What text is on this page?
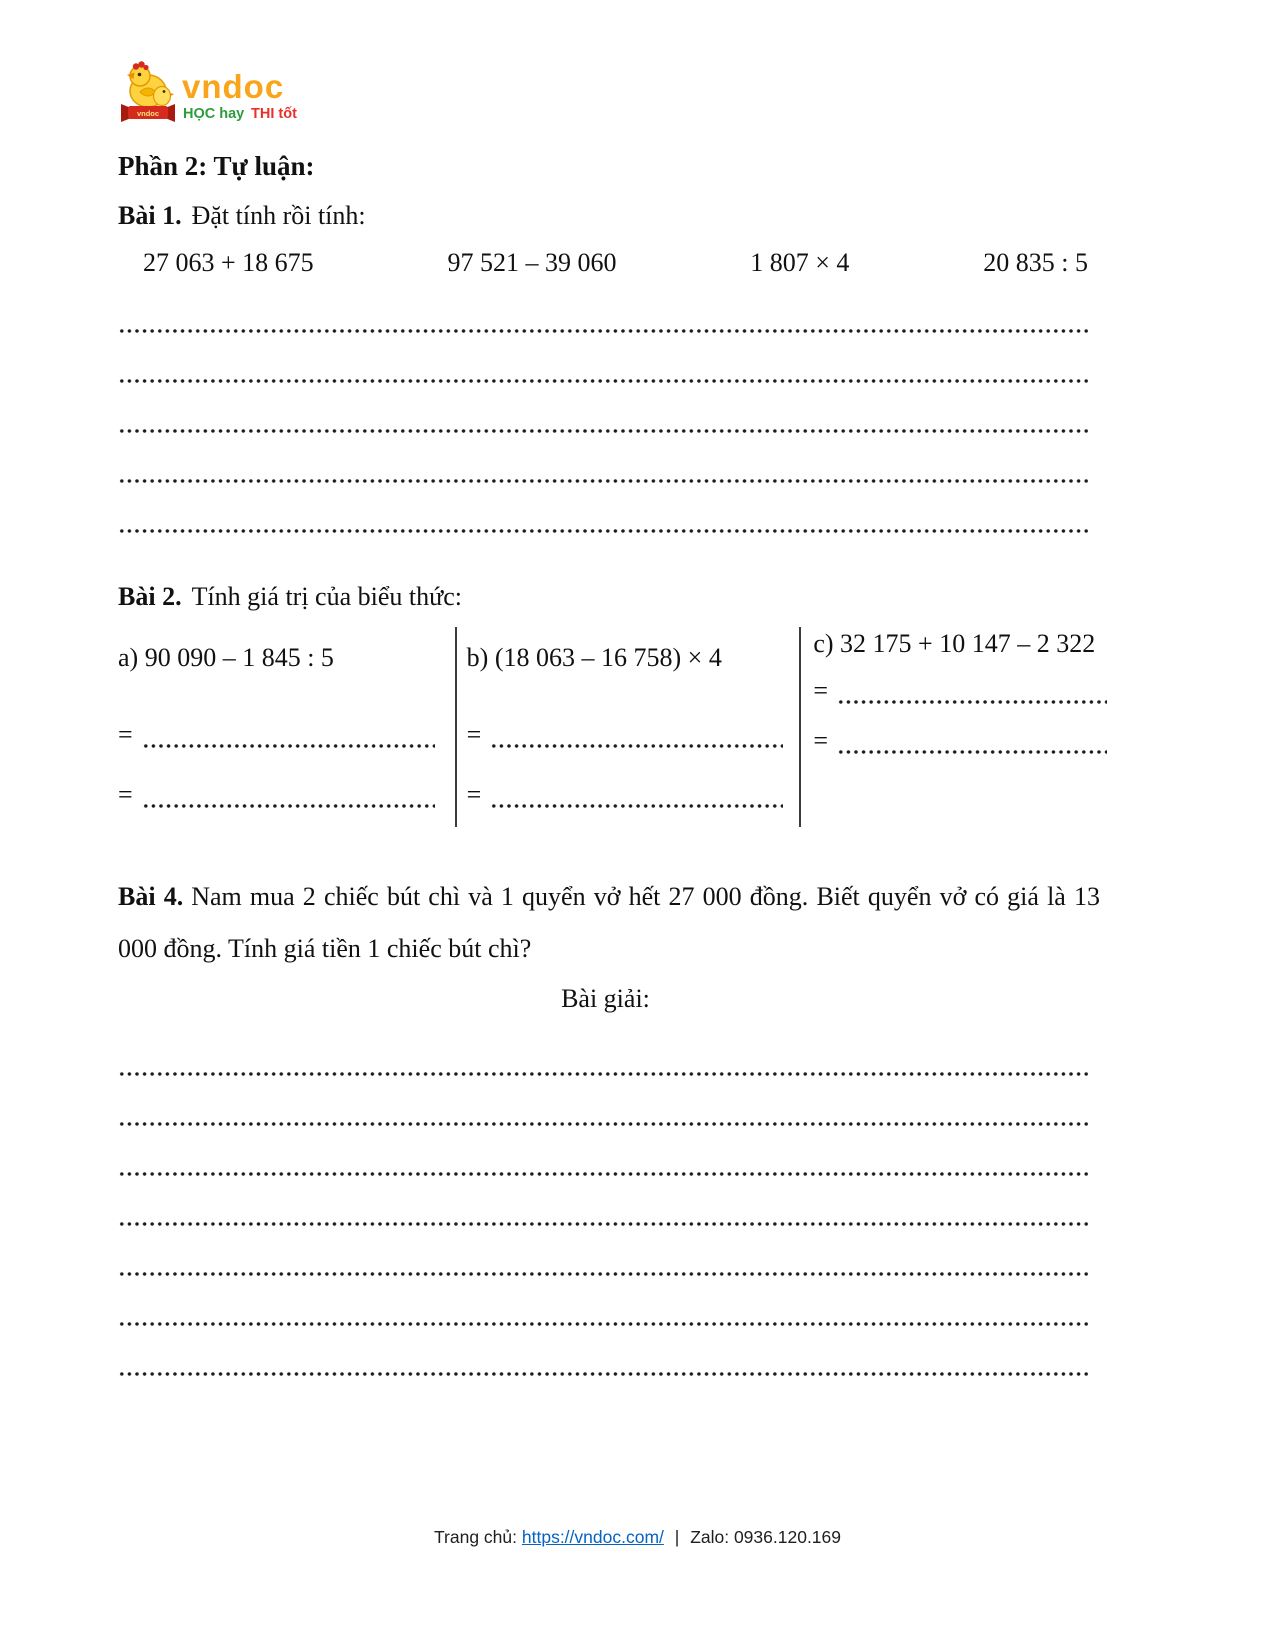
vndoc
vndoc
HỌC hay THI tốt
Phần 2: Tự luận:

Bài 1. Đặt tính rồi tính:

27 063 + 18 675	97 521 – 39 060	1 807 × 4	20 835 : 5

Bài 2. Tính giá trị của biểu thức:

a) 90 090 – 1 845 : 5

=
=

b) (18 063 – 16 758) × 4

=
=

c) 32 175 + 10 147 – 2 322

=
=

Bài 4. Nam mua 2 chiếc bút chì và 1 quyển vở hết 27 000 đồng. Biết quyển vở có giá là 13 000 đồng. Tính giá tiền 1 chiếc bút chì?

Bài giải:

Trang chủ: https://vndoc.com/ | Zalo: 0936.120.169
